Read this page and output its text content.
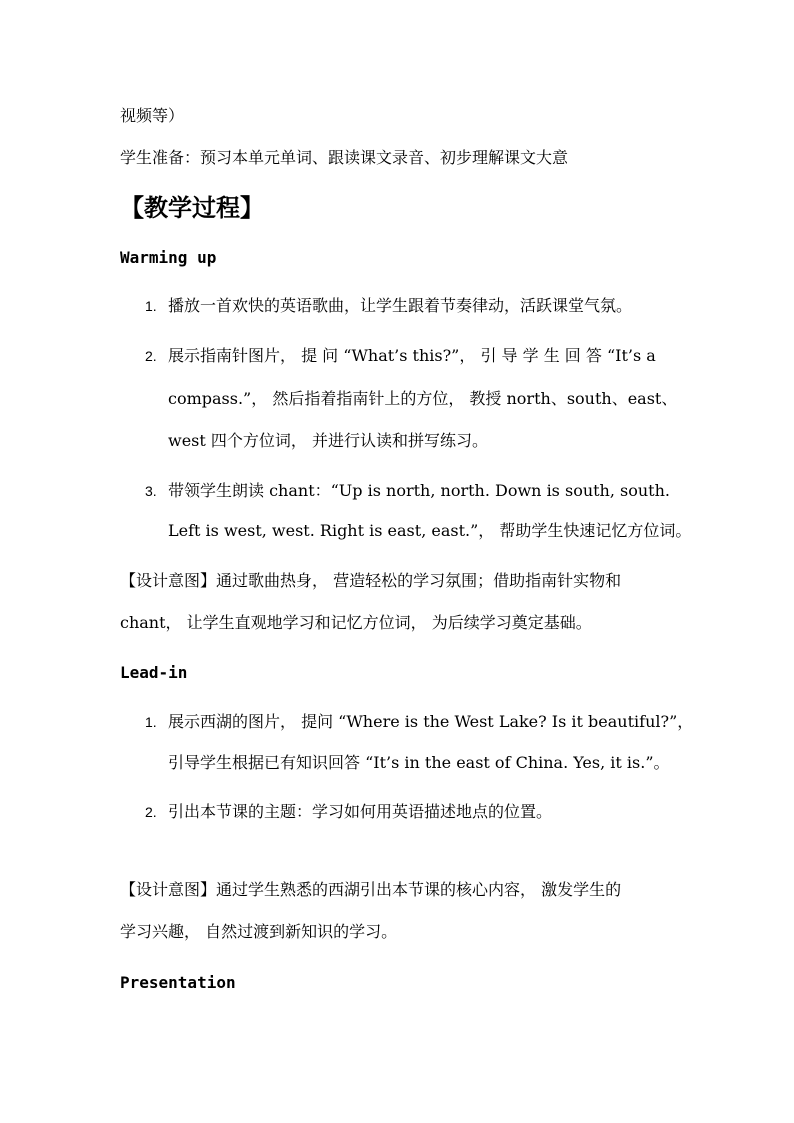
视频等）
学生准备：预习本单元单词、跟读课文录音、初步理解课文大意
【教学过程】
Warming up
1. 播放一首欢快的英语歌曲，让学生跟着节奏律动，活跃课堂气氛。
2. 展示指南针图片， 提 问 “What’s this?”， 引 导 学 生 回 答 “It’s a
compass.”， 然后指着指南针上的方位， 教授 north、south、east、
west 四个方位词， 并进行认读和拼写练习。
3. 带领学生朗读 chant：“Up is north, north. Down is south, south.
Left is west, west. Right is east, east.”， 帮助学生快速记忆方位词。
【设计意图】通过歌曲热身， 营造轻松的学习氛围；借助指南针实物和
chant， 让学生直观地学习和记忆方位词， 为后续学习奠定基础。
Lead-in
1. 展示西湖的图片， 提问 “Where is the West Lake? Is it beautiful?”，
引导学生根据已有知识回答 “It’s in the east of China. Yes, it is.”。
2. 引出本节课的主题：学习如何用英语描述地点的位置。
【设计意图】通过学生熟悉的西湖引出本节课的核心内容， 激发学生的
学习兴趣， 自然过渡到新知识的学习。
Presentation
